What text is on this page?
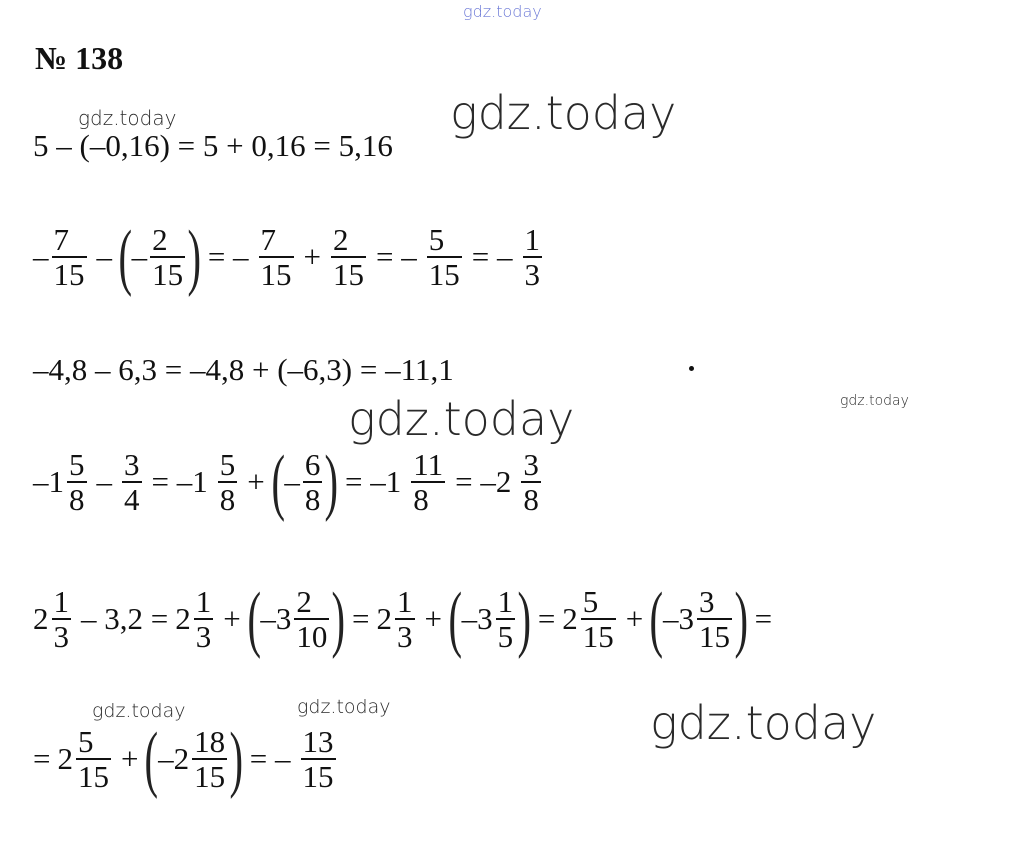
gdz.today
gdz.today	gdz.today
gdz.today	gdz.today
gdz.today	gdz.today	gdz.today
№ 138
5 – (–0,16) = 5 + 0,16 = 5,16
– $\frac{7}{15}$ – ( – $\frac{2}{15}$ ) = – $\frac{7}{15} + \frac{2}{15}$ = – $\frac{5}{15}$ = – $\frac{1}{3}$
–4,8 – 6,3 = –4,8 + (–6,3) = –11,1
$-1 \frac{5}{8} - \frac{3}{4} = -1 \frac{5}{8}$ + ( – $\frac{6}{8}$ ) = $-1 \frac{11}{8} = -2 \frac{3}{8}$
$2 \frac{1}{3} - 3,2 = 2 \frac{1}{3}$ + ( $-3 \frac{2}{10}$ ) = $2 \frac{1}{3}$ + ( $-3 \frac{1}{5}$ ) = $2 \frac{5}{15}$ + ( $-3 \frac{3}{15}$ ) =
= $2 \frac{5}{15}$ + ( $-2 \frac{18}{15}$ ) = – $\frac{13}{15}$
